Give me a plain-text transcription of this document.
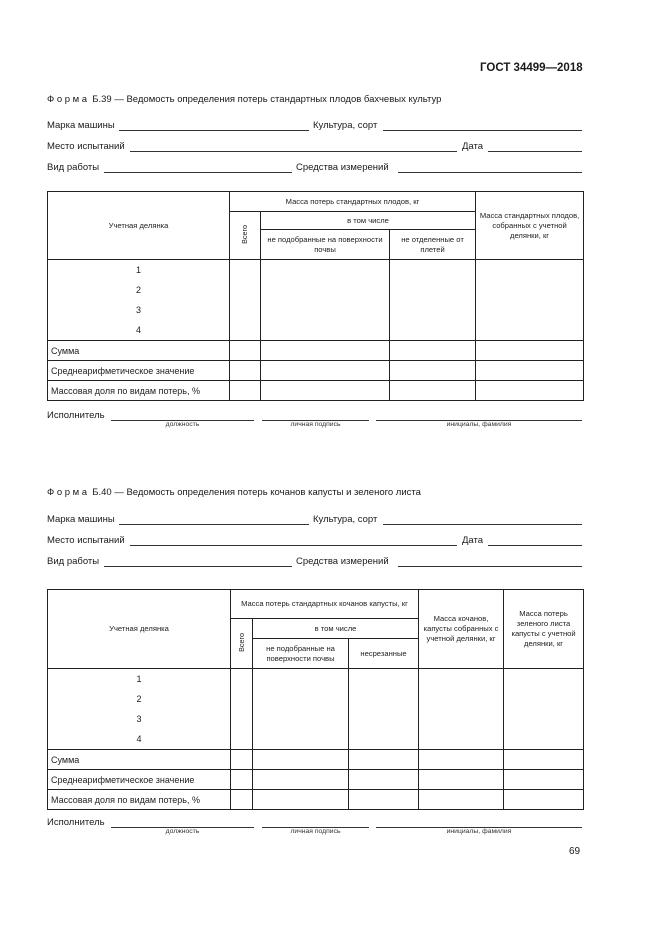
ГОСТ 34499—2018
Форма Б.39 — Ведомость определения потерь стандартных плодов бахчевых культур
Марка машины	Культура, сорт
Место испытаний	Дата
Вид работы	Средства измерений
Учетная делянка	Масса потерь стандартных плодов, кг			Масса стандартных плодов, собранных с учетной делянки, кг
	Всего	в том числе		
		не подобранные на поверхности почвы	не отделенные от плетей	
1				
2				
3				
4				
Сумма				
Среднеарифметическое значение				
Массовая доля по видам потерь, %				
Исполнитель
должность	личная подпись	инициалы, фамилия
Форма Б.40 — Ведомость определения потерь кочанов капусты и зеленого листа
Марка машины	Культура, сорт
Место испытаний	Дата
Вид работы	Средства измерений
Учетная делянка	Масса потерь стандартных кочанов капусты, кг			Масса кочанов, капусты собранных с учетной делянки, кг	Масса потерь зеленого листа капусты с учетной делянки, кг
	Всего	в том числе			
		не подобранные на поверхности почвы	несрезанные		
1					
2					
3					
4					
Сумма					
Среднеарифметическое значение					
Массовая доля по видам потерь, %					
Исполнитель
должность	личная подпись	инициалы, фамилия
69
